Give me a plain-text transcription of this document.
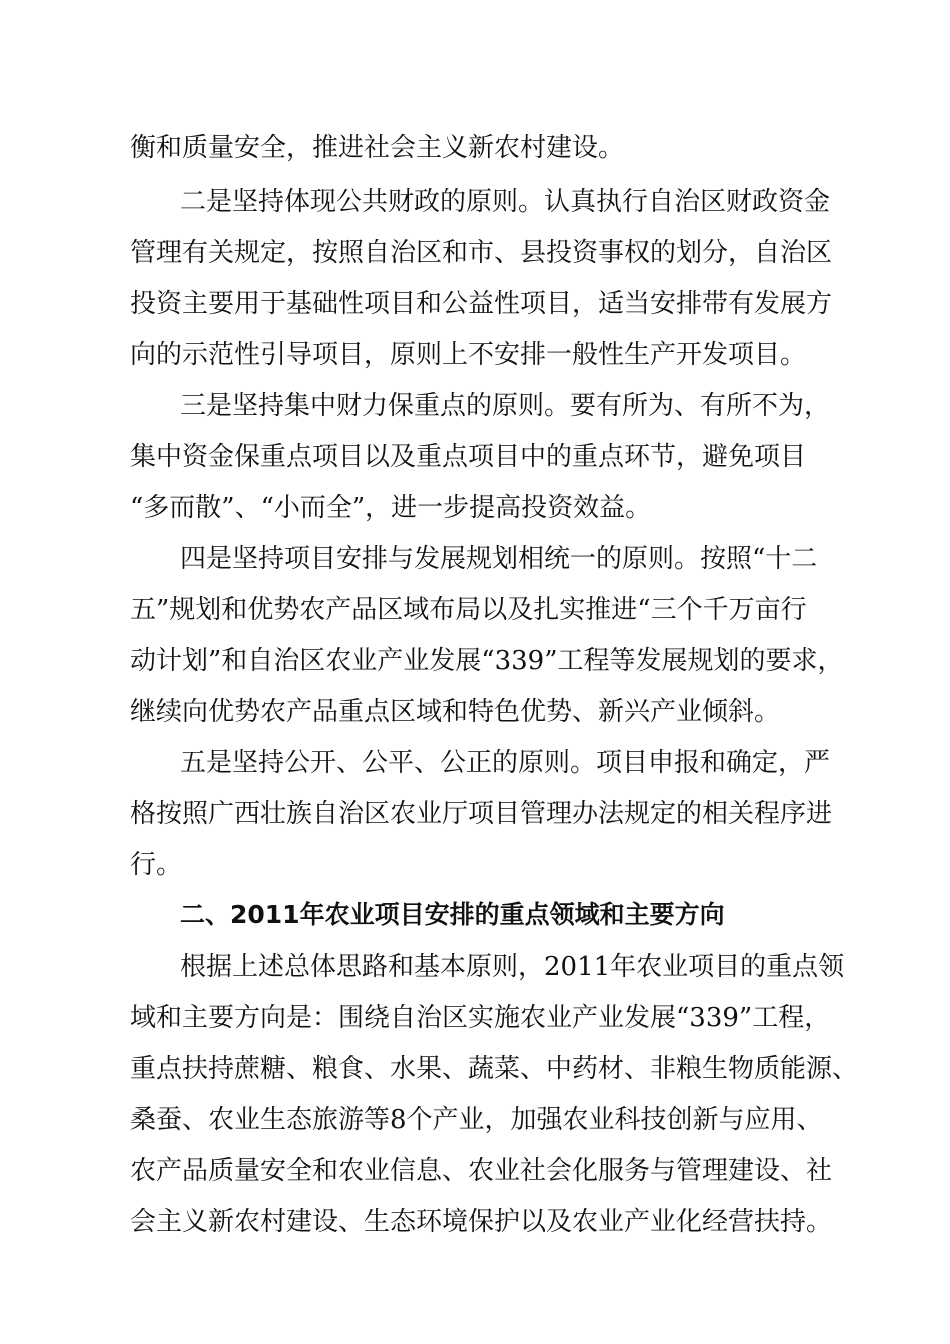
衡和质量安全，推进社会主义新农村建设。
二是坚持体现公共财政的原则。认真执行自治区财政资金
管理有关规定，按照自治区和市、县投资事权的划分，自治区
投资主要用于基础性项目和公益性项目，适当安排带有发展方
向的示范性引导项目，原则上不安排一般性生产开发项目。
三是坚持集中财力保重点的原则。要有所为、有所不为，
集中资金保重点项目以及重点项目中的重点环节，避免项目
“多而散”、“小而全”，进一步提高投资效益。
四是坚持项目安排与发展规划相统一的原则。按照“十二
五”规划和优势农产品区域布局以及扎实推进“三个千万亩行
动计划”和自治区农业产业发展“339”工程等发展规划的要求，
继续向优势农产品重点区域和特色优势、新兴产业倾斜。
五是坚持公开、公平、公正的原则。项目申报和确定，严
格按照广西壮族自治区农业厅项目管理办法规定的相关程序进
行。
二、2011年农业项目安排的重点领域和主要方向
根据上述总体思路和基本原则，2011年农业项目的重点领
域和主要方向是：围绕自治区实施农业产业发展“339”工程，
重点扶持蔗糖、粮食、水果、蔬菜、中药材、非粮生物质能源、
桑蚕、农业生态旅游等8个产业，加强农业科技创新与应用、
农产品质量安全和农业信息、农业社会化服务与管理建设、社
会主义新农村建设、生态环境保护以及农业产业化经营扶持。
